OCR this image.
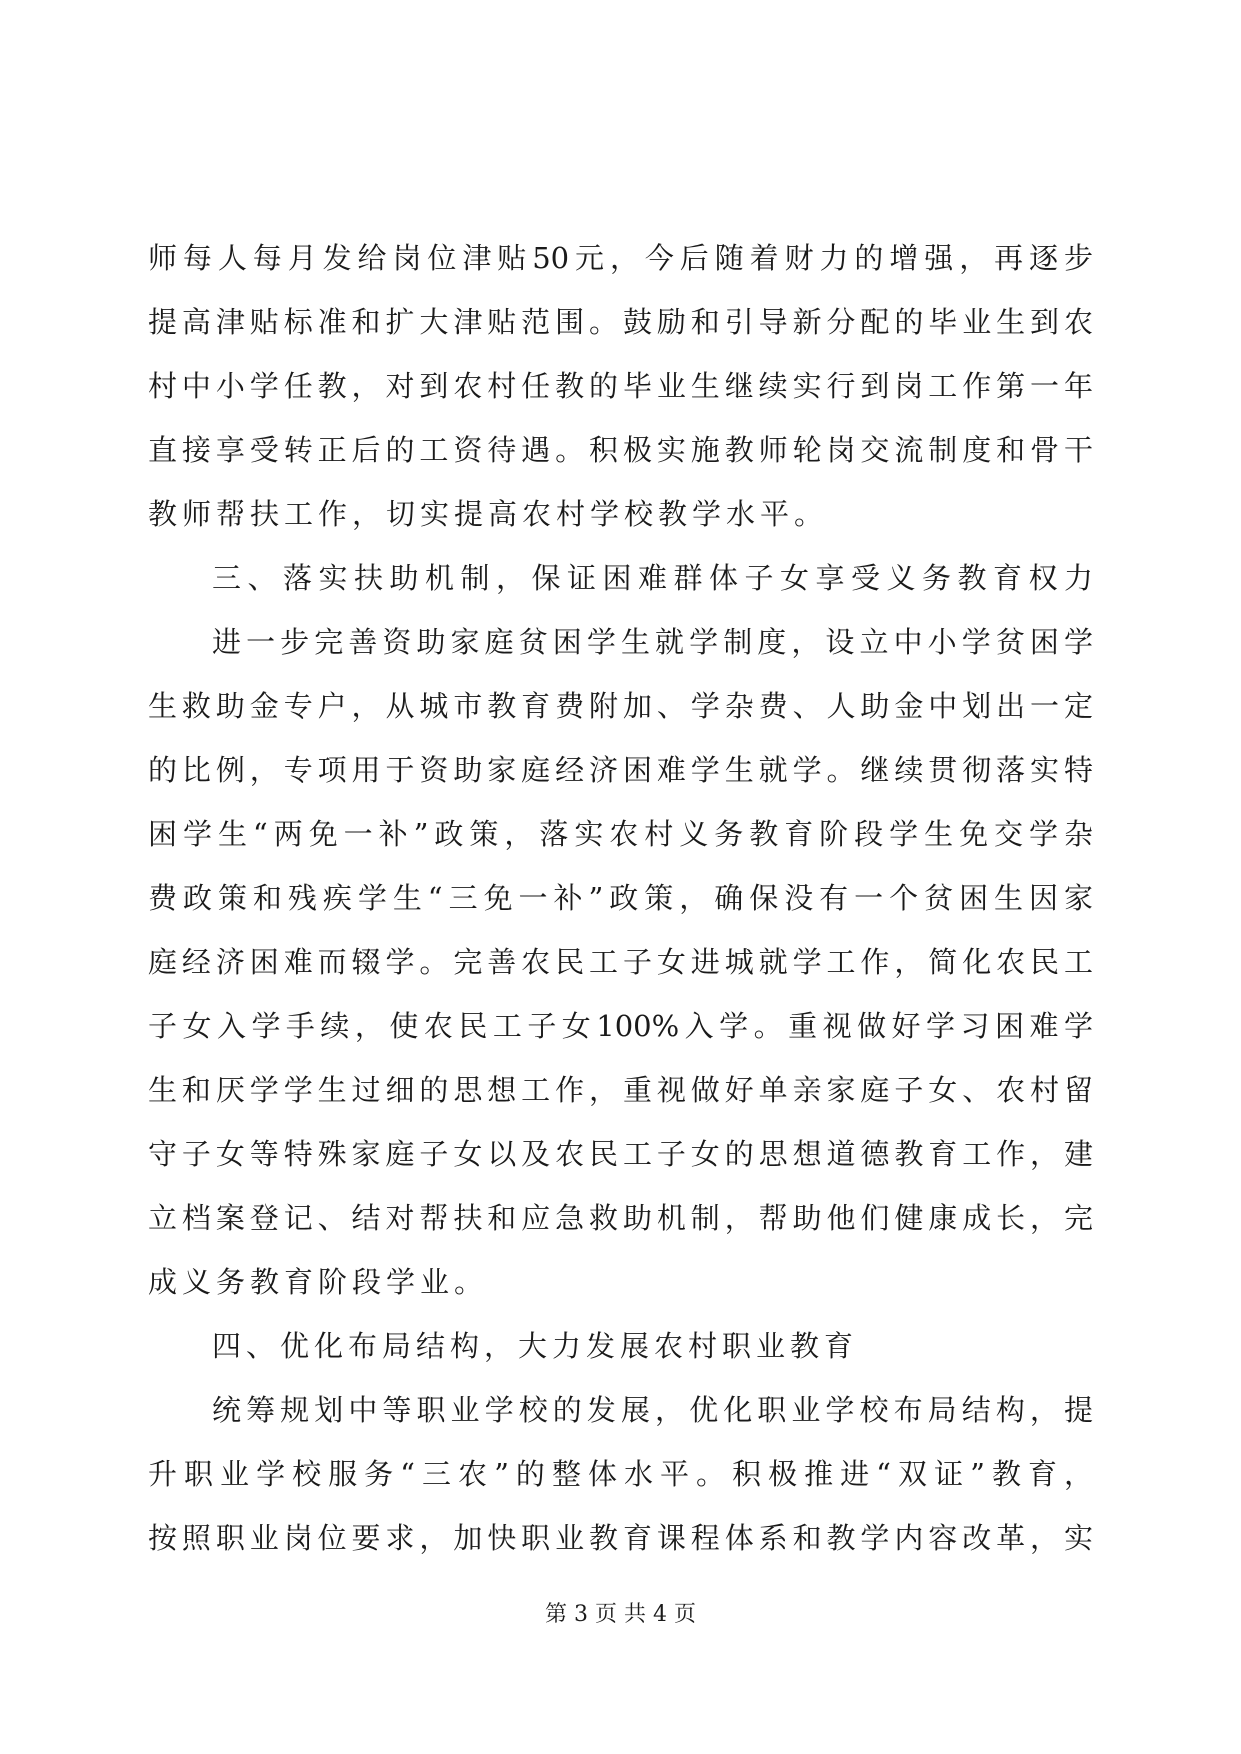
师每人每月发给岗位津贴50元，今后随着财力的增强，再逐步
提高津贴标准和扩大津贴范围。鼓励和引导新分配的毕业生到农
村中小学任教，对到农村任教的毕业生继续实行到岗工作第一年
直接享受转正后的工资待遇。积极实施教师轮岗交流制度和骨干
教师帮扶工作，切实提高农村学校教学水平。
三、落实扶助机制，保证困难群体子女享受义务教育权力
进一步完善资助家庭贫困学生就学制度，设立中小学贫困学
生救助金专户，从城市教育费附加、学杂费、人助金中划出一定
的比例，专项用于资助家庭经济困难学生就学。继续贯彻落实特
困学生“两免一补”政策，落实农村义务教育阶段学生免交学杂
费政策和残疾学生“三免一补”政策，确保没有一个贫困生因家
庭经济困难而辍学。完善农民工子女进城就学工作，简化农民工
子女入学手续，使农民工子女100%入学。重视做好学习困难学
生和厌学学生过细的思想工作，重视做好单亲家庭子女、农村留
守子女等特殊家庭子女以及农民工子女的思想道德教育工作，建
立档案登记、结对帮扶和应急救助机制，帮助他们健康成长，完
成义务教育阶段学业。
四、优化布局结构，大力发展农村职业教育
统筹规划中等职业学校的发展，优化职业学校布局结构，提
升职业学校服务“三农”的整体水平。积极推进“双证”教育，
按照职业岗位要求，加快职业教育课程体系和教学内容改革，实
第 3 页 共 4 页
